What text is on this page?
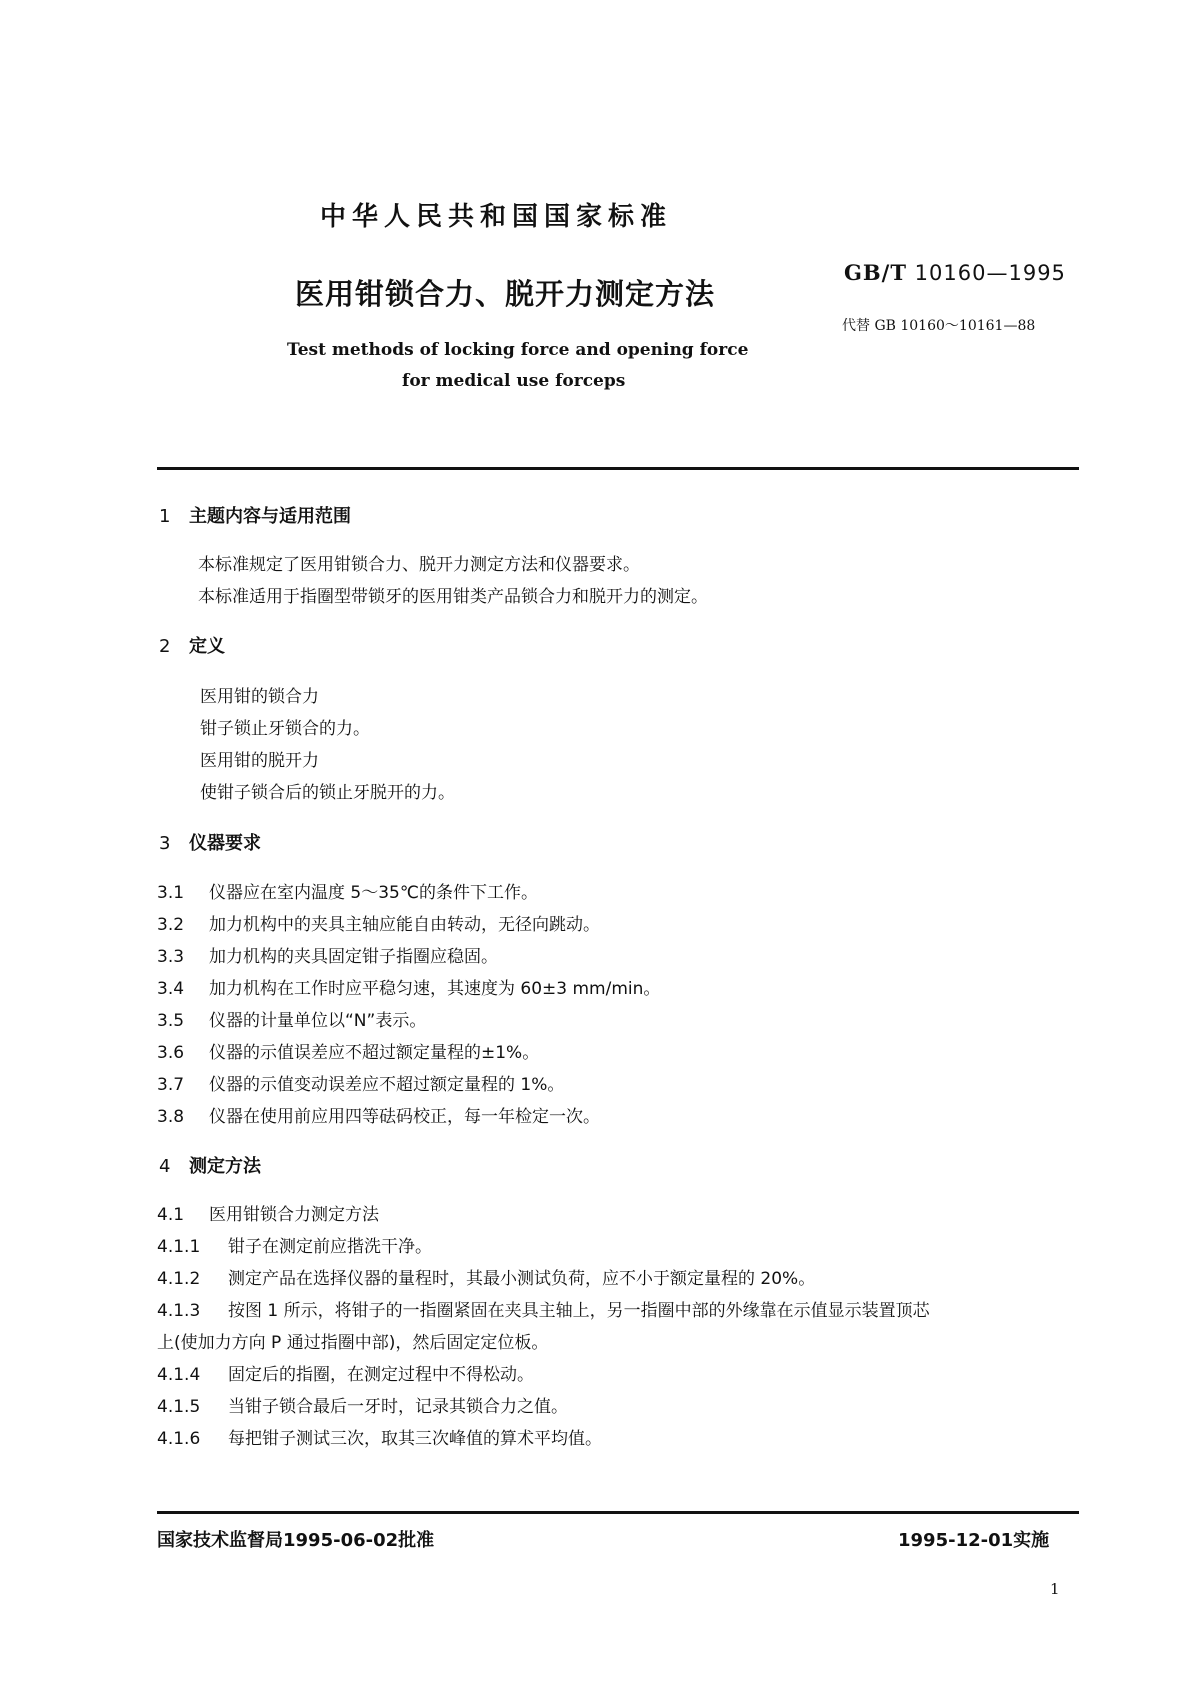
中华人民共和国国家标准
医用钳锁合力、脱开力测定方法
GB/T 10160—1995
代替 GB 10160～10161—88
Test methods of locking force and opening force
for medical use forceps
1 主题内容与适用范围
本标准规定了医用钳锁合力、脱开力测定方法和仪器要求。
本标准适用于指圈型带锁牙的医用钳类产品锁合力和脱开力的测定。
2 定义
医用钳的锁合力
钳子锁止牙锁合的力。
医用钳的脱开力
使钳子锁合后的锁止牙脱开的力。
3 仪器要求
3.1 仪器应在室内温度 5～35℃的条件下工作。
3.2 加力机构中的夹具主轴应能自由转动，无径向跳动。
3.3 加力机构的夹具固定钳子指圈应稳固。
3.4 加力机构在工作时应平稳匀速，其速度为 60±3 mm/min。
3.5 仪器的计量单位以“N”表示。
3.6 仪器的示值误差应不超过额定量程的±1%。
3.7 仪器的示值变动误差应不超过额定量程的 1%。
3.8 仪器在使用前应用四等砝码校正，每一年检定一次。
4 测定方法
4.1 医用钳锁合力测定方法
4.1.1 钳子在测定前应揩洗干净。
4.1.2 测定产品在选择仪器的量程时，其最小测试负荷，应不小于额定量程的 20%。
4.1.3 按图 1 所示，将钳子的一指圈紧固在夹具主轴上，另一指圈中部的外缘靠在示值显示装置顶芯
上(使加力方向 P 通过指圈中部)，然后固定定位板。
4.1.4 固定后的指圈，在测定过程中不得松动。
4.1.5 当钳子锁合最后一牙时，记录其锁合力之值。
4.1.6 每把钳子测试三次，取其三次峰值的算术平均值。
国家技术监督局1995-06-02批准	1995-12-01实施
1
